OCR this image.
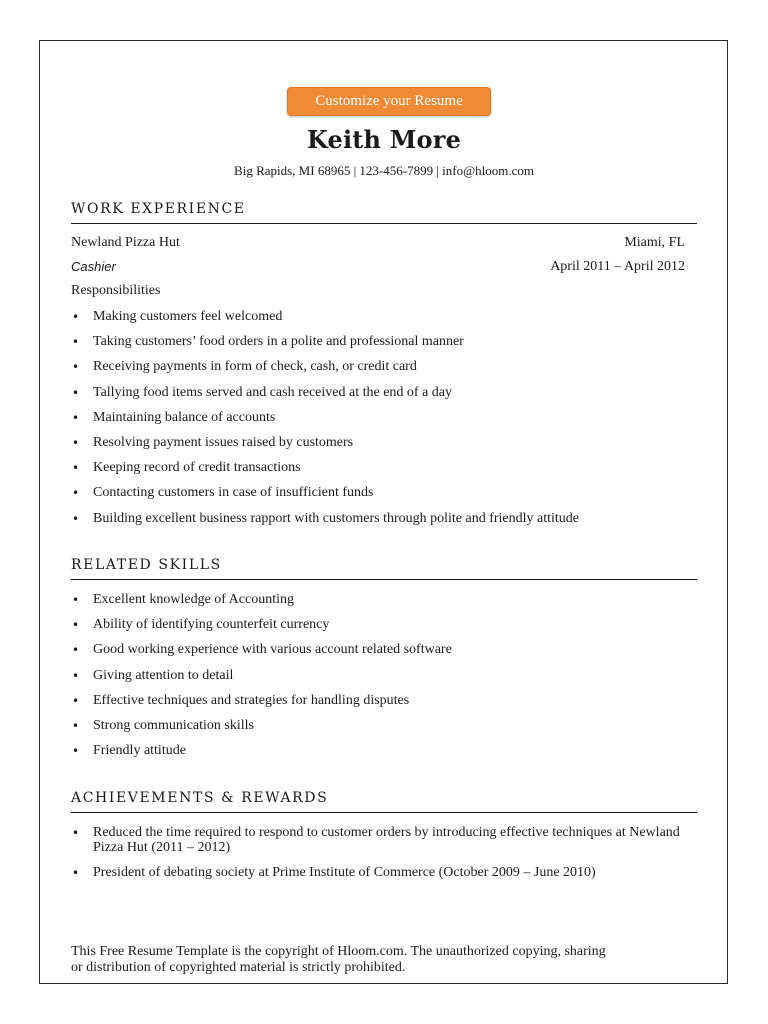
Customize your Resume
Keith More
Big Rapids, MI 68965 | 123-456-7899 | info@hloom.com
WORK EXPERIENCE
Newland Pizza Hut	Miami, FL
Cashier	April 2011 – April 2012
Responsibilities
• Making customers feel welcomed
• Taking customers’ food orders in a polite and professional manner
• Receiving payments in form of check, cash, or credit card
• Tallying food items served and cash received at the end of a day
• Maintaining balance of accounts
• Resolving payment issues raised by customers
• Keeping record of credit transactions
• Contacting customers in case of insufficient funds
• Building excellent business rapport with customers through polite and friendly attitude
RELATED SKILLS
• Excellent knowledge of Accounting
• Ability of identifying counterfeit currency
• Good working experience with various account related software
• Giving attention to detail
• Effective techniques and strategies for handling disputes
• Strong communication skills
• Friendly attitude
ACHIEVEMENTS & REWARDS
• Reduced the time required to respond to customer orders by introducing effective techniques at Newland Pizza Hut (2011 – 2012)
• President of debating society at Prime Institute of Commerce (October 2009 – June 2010)
This Free Resume Template is the copyright of Hloom.com. The unauthorized copying, sharing
or distribution of copyrighted material is strictly prohibited.
